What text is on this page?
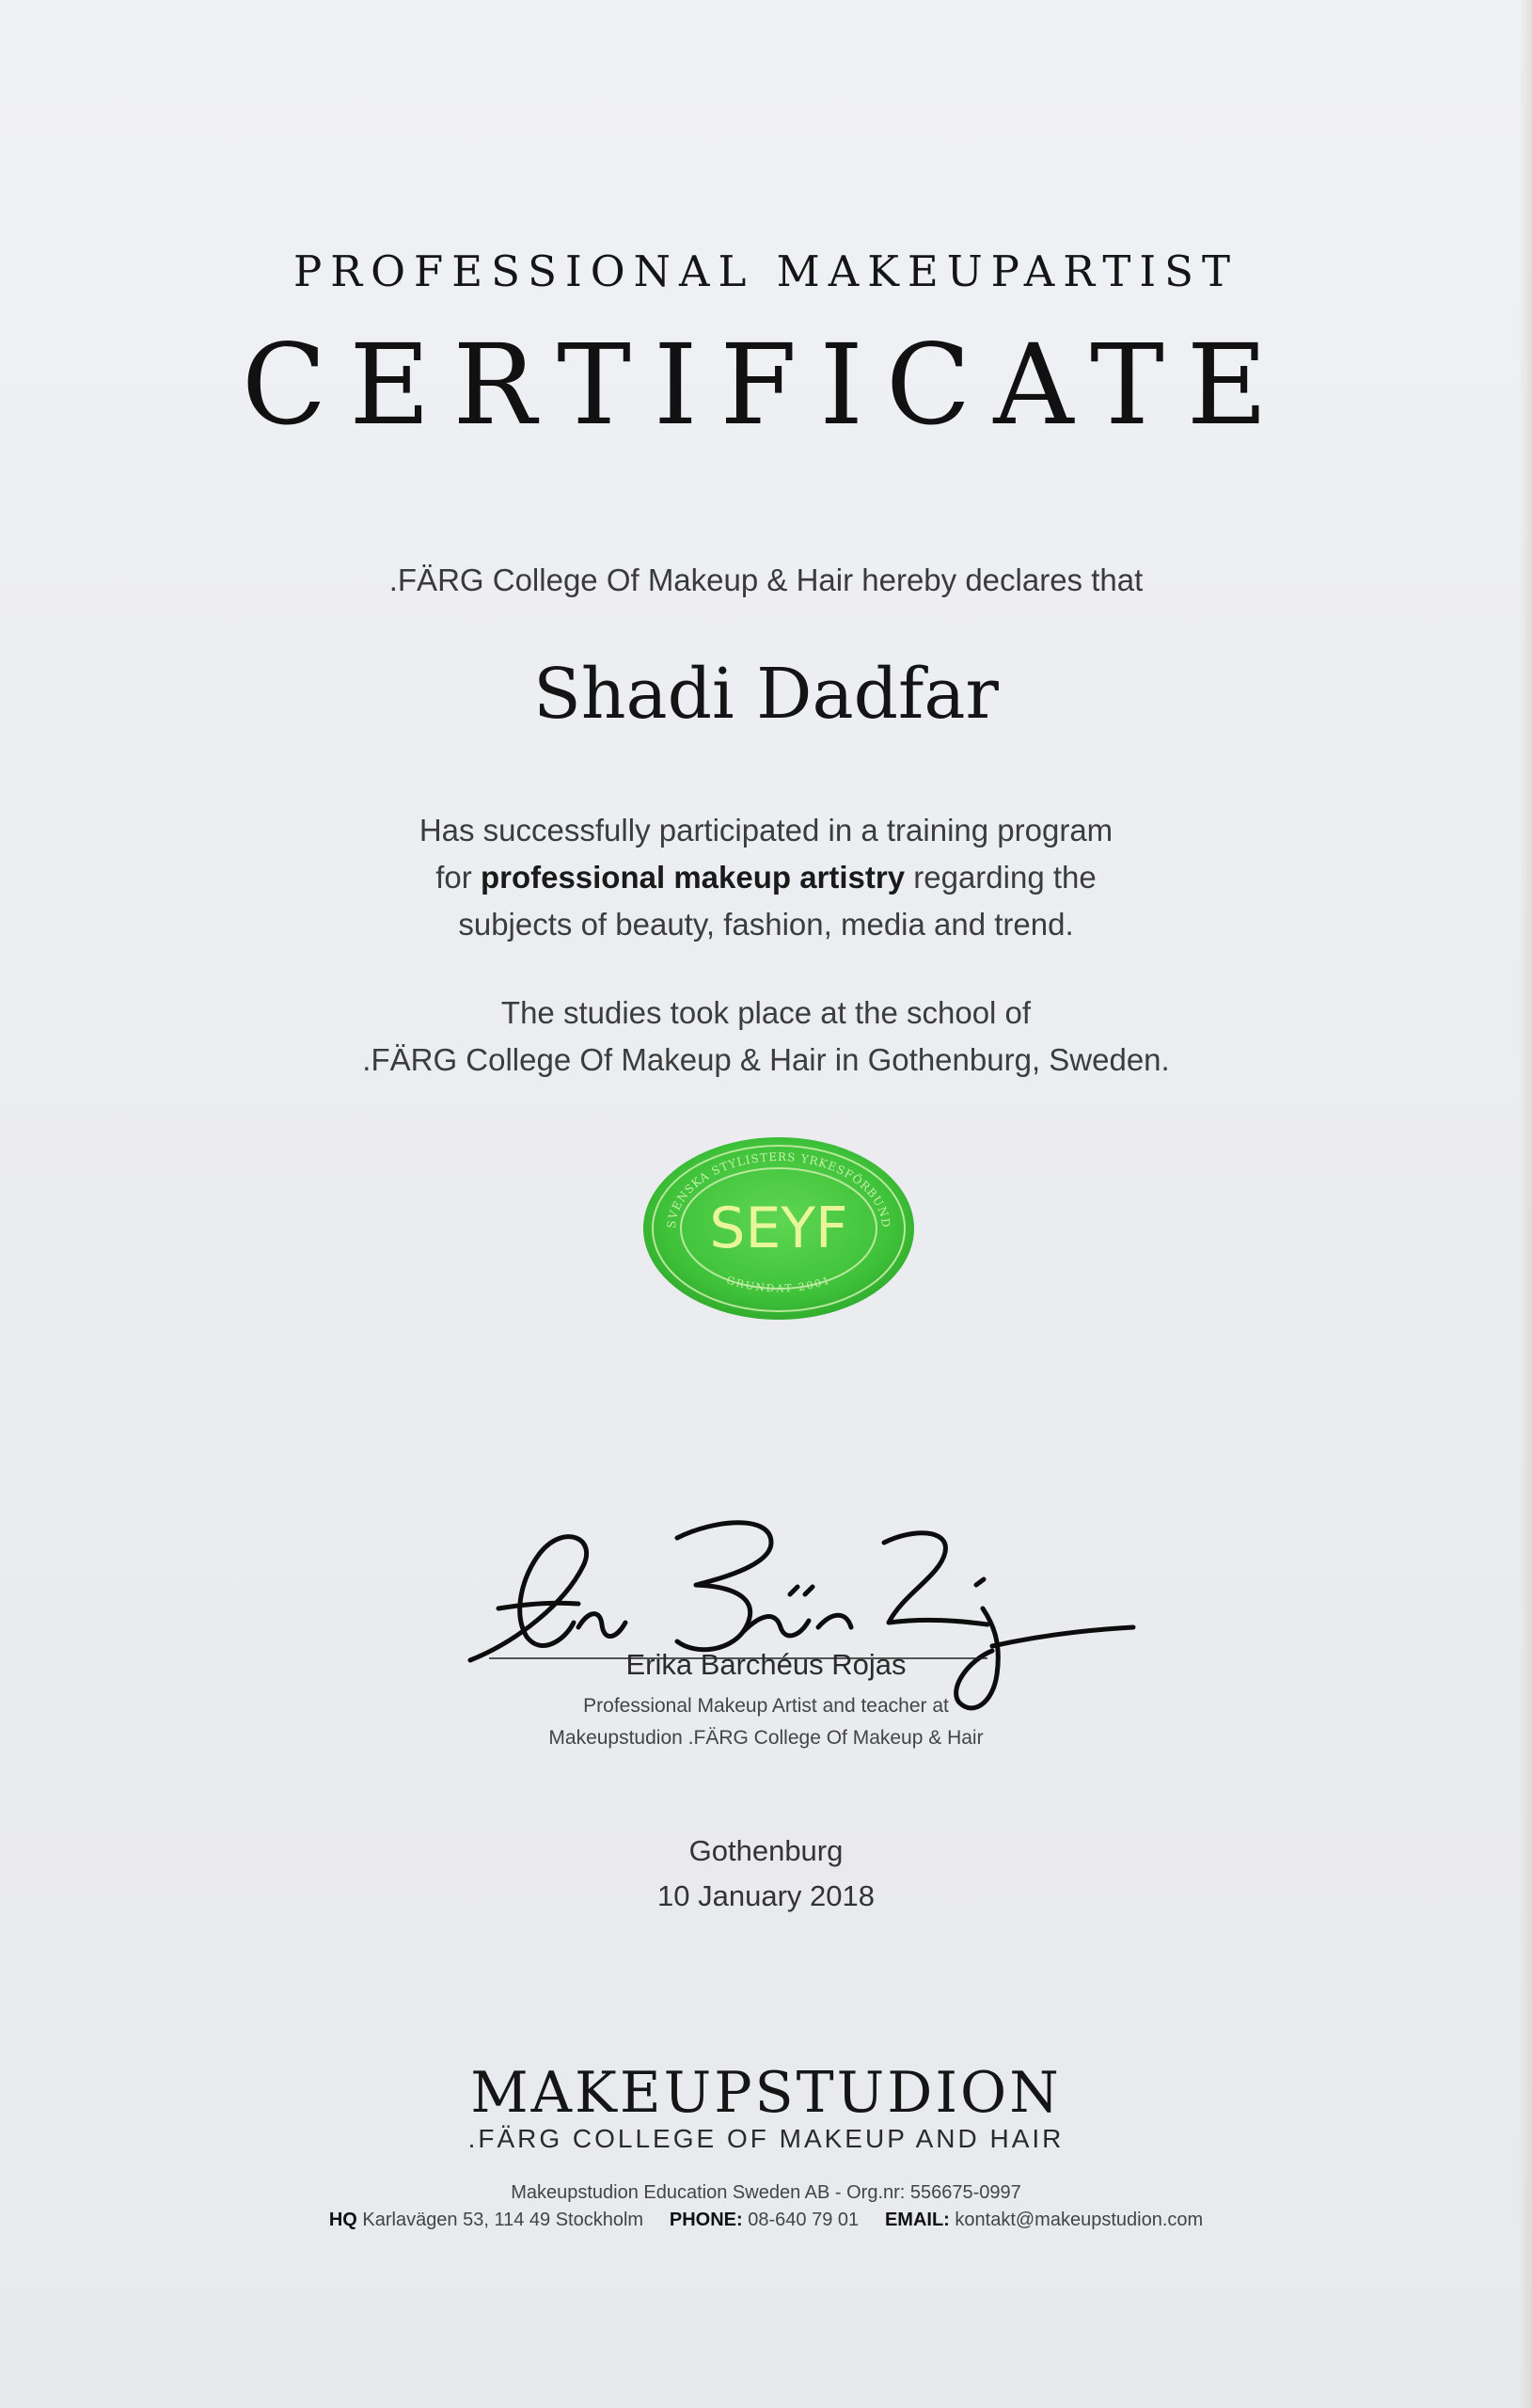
PROFESSIONAL MAKEUPARTIST
CERTIFICATE
.FÄRG College Of Makeup & Hair hereby declares that
Shadi Dadfar
Has successfully participated in a training program
for professional makeup artistry regarding the
subjects of beauty, fashion, media and trend.
The studies took place at the school of
.FÄRG College Of Makeup & Hair in Gothenburg, Sweden.
SVENSKA STYLISTERS YRKESFÖRBUND
GRUNDAT 2001
SEYF
Erika Barchéus Rojas
Professional Makeup Artist and teacher at
Makeupstudion .FÄRG College Of Makeup & Hair
Gothenburg
10 January 2018
MAKEUPSTUDION
.FÄRG COLLEGE OF MAKEUP AND HAIR
Makeupstudion Education Sweden AB - Org.nr: 556675-0997
HQ Karlavägen 53, 114 49 Stockholm PHONE: 08-640 79 01 EMAIL: kontakt@makeupstudion.com
